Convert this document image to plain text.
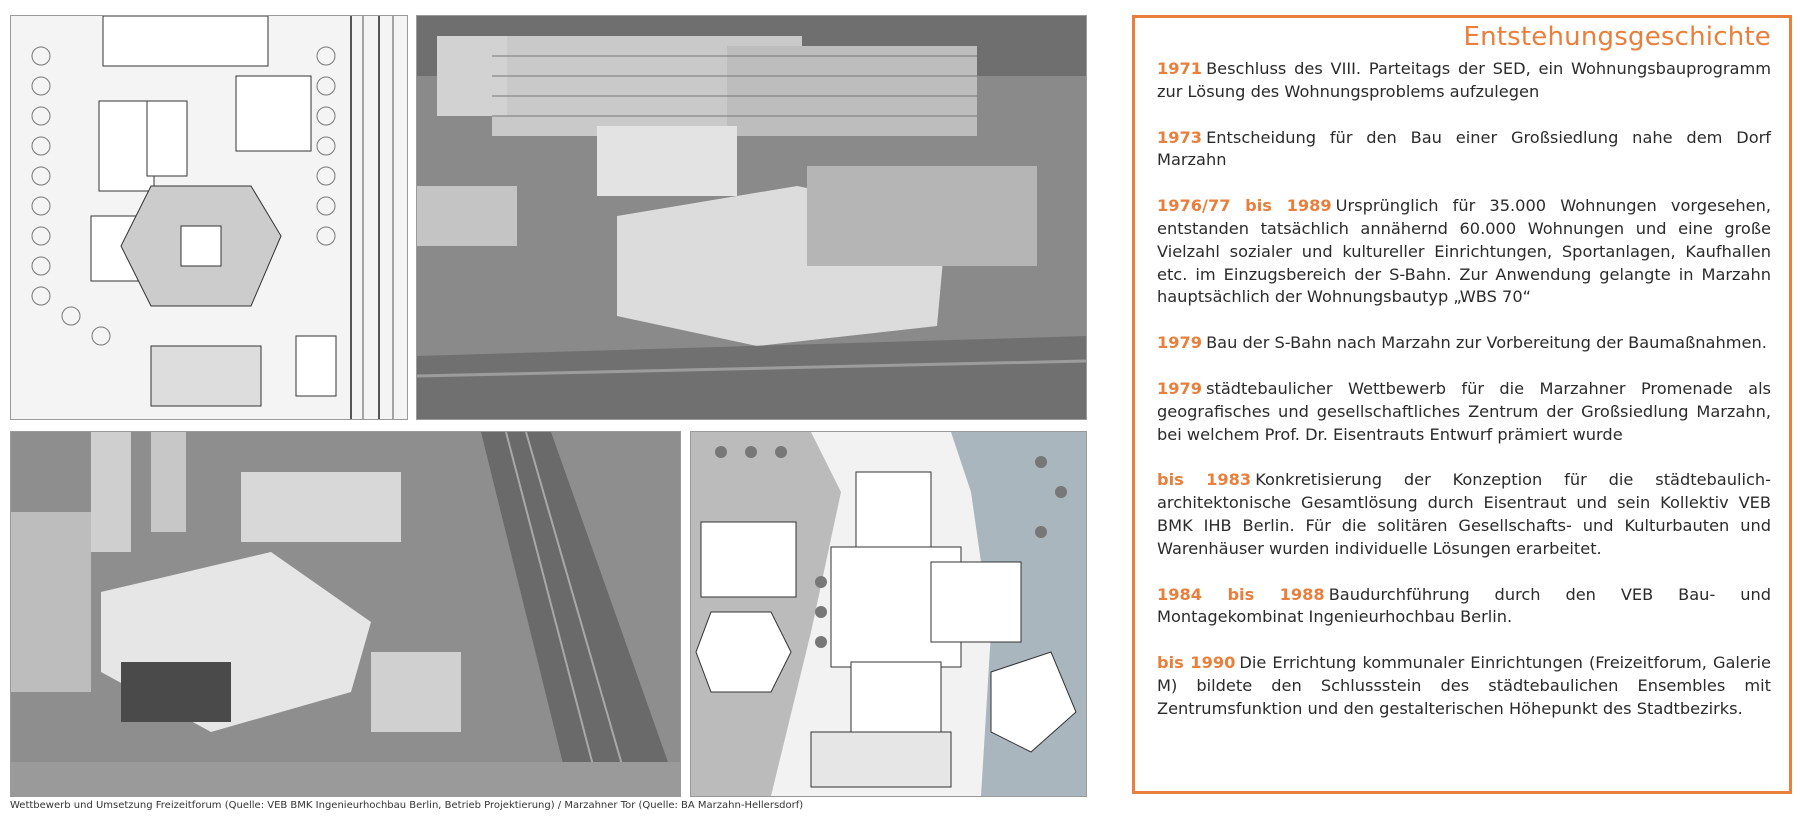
Wettbewerb und Umsetzung Freizeitforum (Quelle: VEB BMK Ingenieurhochbau Berlin, Betrieb Projektierung) / Marzahner Tor (Quelle: BA Marzahn-Hellersdorf)
Entstehungsgeschichte

1971 Beschluss des VIII. Parteitags der SED, ein Wohnungsbauprogramm zur Lösung des Wohnungsproblems aufzulegen

1973 Entscheidung für den Bau einer Großsiedlung nahe dem Dorf Marzahn

1976/77 bis 1989 Ursprünglich für 35.000 Wohnungen vorgesehen, entstanden tatsächlich annähernd 60.000 Wohnungen und eine große Vielzahl sozialer und kultureller Einrichtungen, Sportanlagen, Kaufhallen etc. im Einzugsbereich der S-Bahn. Zur Anwendung gelangte in Marzahn hauptsächlich der Wohnungsbautyp „WBS 70“

1979 Bau der S-Bahn nach Marzahn zur Vorbereitung der Baumaßnahmen.

1979 städtebaulicher Wettbewerb für die Marzahner Promenade als geografisches und gesellschaftliches Zentrum der Großsiedlung Marzahn, bei welchem Prof. Dr. Eisentrauts Entwurf prämiert wurde

bis 1983 Konkretisierung der Konzeption für die städtebaulich-architektonische Gesamtlösung durch Eisentraut und sein Kollektiv VEB BMK IHB Berlin. Für die solitären Gesellschafts- und Kulturbauten und Warenhäuser wurden individuelle Lösungen erarbeitet.

1984 bis 1988 Baudurchführung durch den VEB Bau- und Montagekombinat Ingenieurhochbau Berlin.

bis 1990 Die Errichtung kommunaler Einrichtungen (Freizeitforum, Galerie M) bildete den Schlussstein des städtebaulichen Ensembles mit Zentrumsfunktion und den gestalterischen Höhepunkt des Stadtbezirks.
